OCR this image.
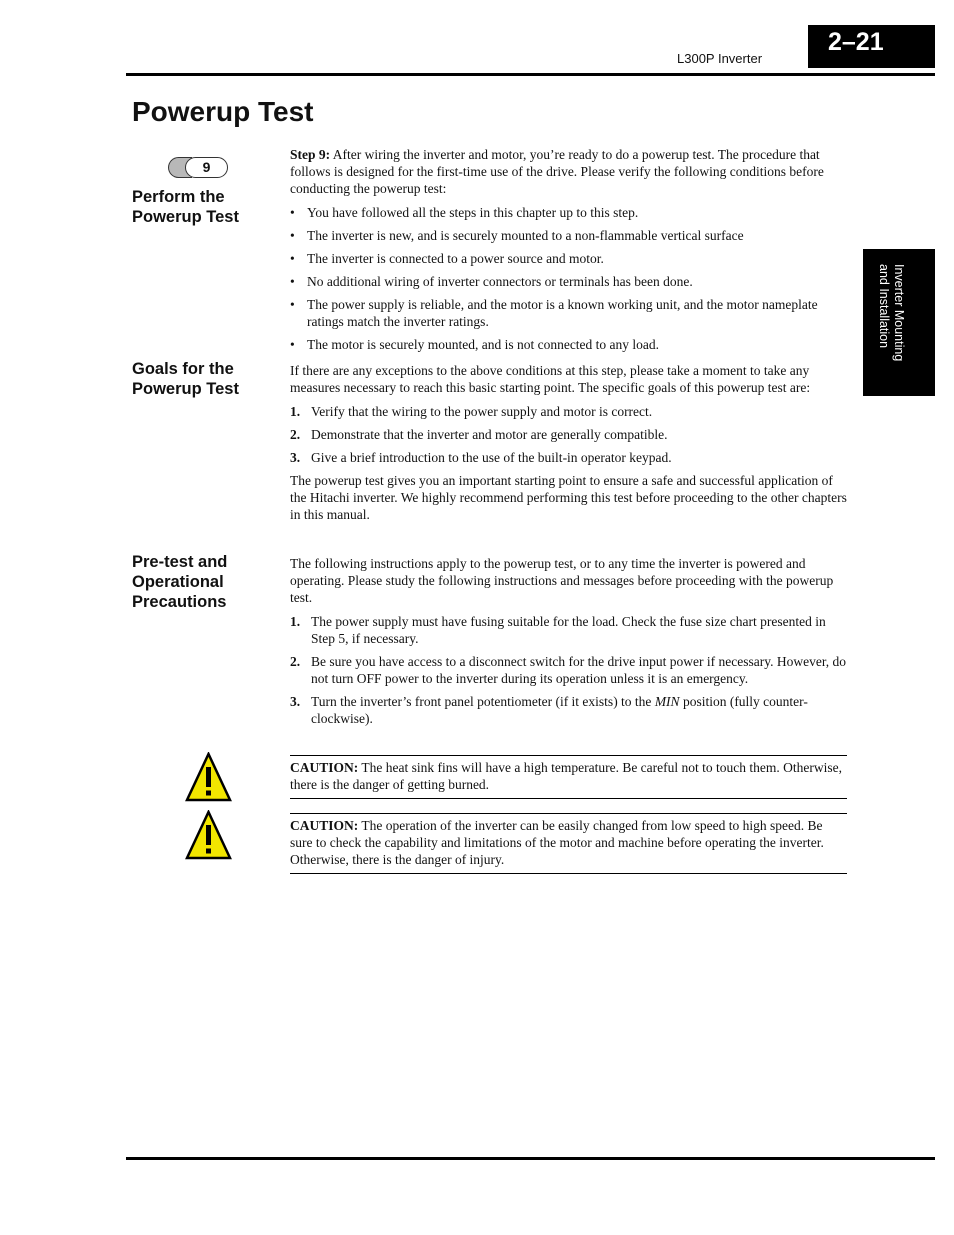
L300P Inverter
2–21
Inverter Mounting
and Installation
Powerup Test
9
Perform the
Powerup Test
Step 9: After wiring the inverter and motor, you’re ready to do a powerup test. The procedure that follows is designed for the first-time use of the drive. Please verify the following conditions before conducting the powerup test:
• You have followed all the steps in this chapter up to this step.
• The inverter is new, and is securely mounted to a non-flammable vertical surface
• The inverter is connected to a power source and motor.
• No additional wiring of inverter connectors or terminals has been done.
• The power supply is reliable, and the motor is a known working unit, and the motor nameplate ratings match the inverter ratings.
• The motor is securely mounted, and is not connected to any load.
Goals for the
Powerup Test
If there are any exceptions to the above conditions at this step, please take a moment to take any measures necessary to reach this basic starting point. The specific goals of this powerup test are:
1. Verify that the wiring to the power supply and motor is correct.
2. Demonstrate that the inverter and motor are generally compatible.
3. Give a brief introduction to the use of the built-in operator keypad.
The powerup test gives you an important starting point to ensure a safe and successful application of the Hitachi inverter. We highly recommend performing this test before proceeding to the other chapters in this manual.
Pre-test and
Operational
Precautions
The following instructions apply to the powerup test, or to any time the inverter is powered and operating. Please study the following instructions and messages before proceeding with the powerup test.
1. The power supply must have fusing suitable for the load. Check the fuse size chart presented in Step 5, if necessary.
2. Be sure you have access to a disconnect switch for the drive input power if necessary. However, do not turn OFF power to the inverter during its operation unless it is an emergency.
3. Turn the inverter’s front panel potentiometer (if it exists) to the MIN position (fully counter-clockwise).
CAUTION: The heat sink fins will have a high temperature. Be careful not to touch them. Otherwise, there is the danger of getting burned.
CAUTION: The operation of the inverter can be easily changed from low speed to high speed. Be sure to check the capability and limitations of the motor and machine before operating the inverter. Otherwise, there is the danger of injury.
